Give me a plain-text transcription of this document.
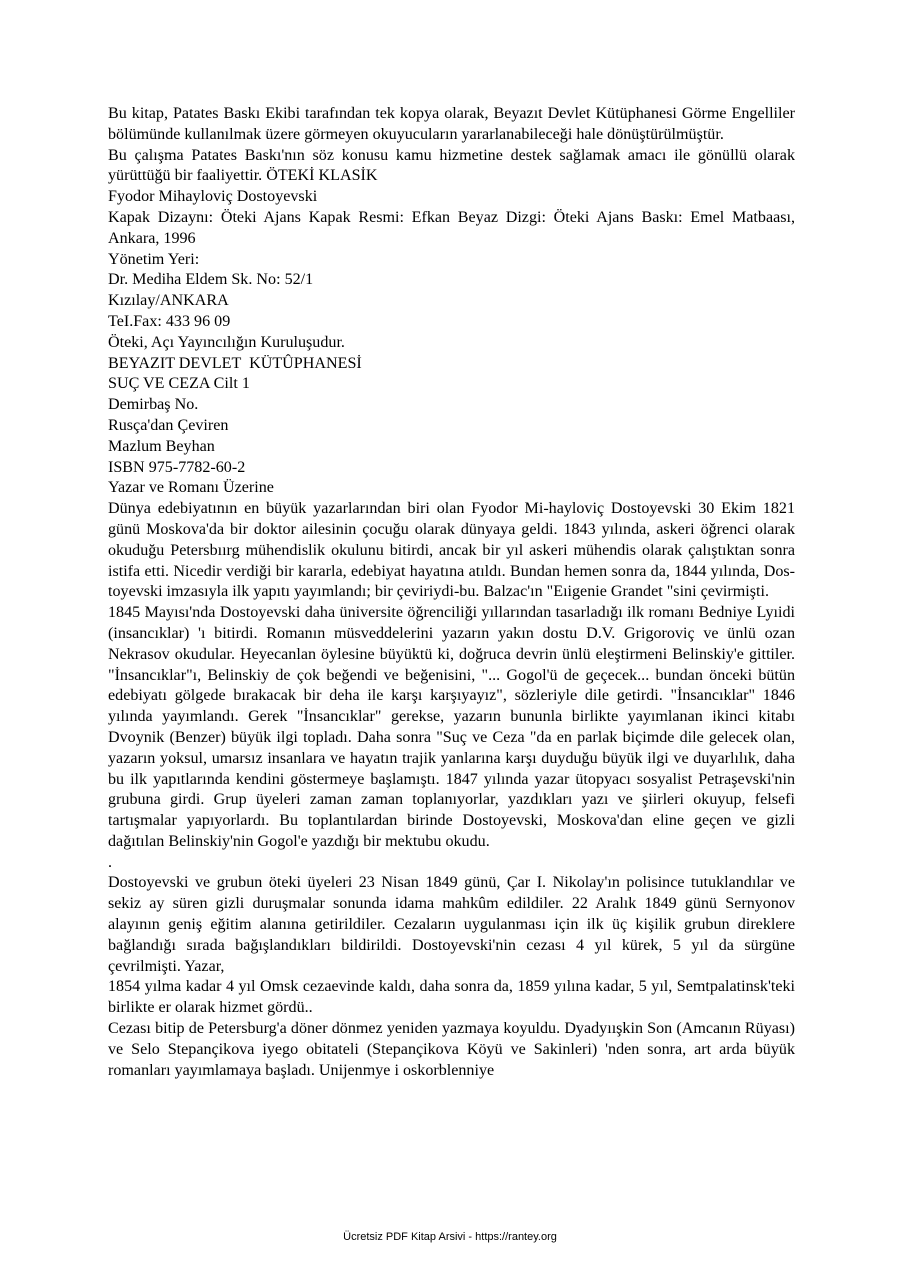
Bu kitap, Patates Baskı Ekibi tarafından tek kopya olarak, Beyazıt Devlet Kütüphanesi Görme Engelliler bölümünde kullanılmak üzere görmeyen okuyucuların yararlanabileceği hale dönüştürülmüştür.

Bu çalışma Patates Baskı'nın söz konusu kamu hizmetine destek sağlamak amacı ile gönüllü olarak yürüttüğü bir faaliyettir. ÖTEKİ KLASİK

Fyodor Mihayloviç Dostoyevski

Kapak Dizaynı: Öteki Ajans Kapak Resmi: Efkan Beyaz Dizgi: Öteki Ajans Baskı: Emel Matbaası, Ankara, 1996

Yönetim Yeri:

Dr. Mediha Eldem Sk. No: 52/1

Kızılay/ANKARA

TeI.Fax: 433 96 09

Öteki, Açı Yayıncılığın Kuruluşudur.

BEYAZIT DEVLET  KÜTÛPHANESİ

SUÇ VE CEZA Cilt 1

Demirbaş No.

Rusça'dan Çeviren

Mazlum Beyhan

ISBN 975-7782-60-2

Yazar ve Romanı Üzerine

Dünya edebiyatının en büyük yazarlarından biri olan Fyodor Mi-hayloviç Dostoyevski 30 Ekim 1821 günü Moskova'da bir doktor ailesinin çocuğu olarak dünyaya geldi. 1843 yılında, askeri öğrenci olarak okuduğu Petersbıırg mühendislik okulunu bitirdi, ancak bir yıl askeri mühendis olarak çalıştıktan sonra istifa etti. Nicedir verdiği bir kararla, edebiyat hayatına atıldı. Bundan hemen sonra da, 1844 yılında, Dos-toyevski imzasıyla ilk yapıtı yayımlandı; bir çeviriydi-bu. Balzac'ın "Eıigenie Grandet "sini çevirmişti.

1845 Mayısı'nda Dostoyevski daha üniversite öğrenciliği yıllarından tasarladığı ilk romanı Bedniye Lyıidi (insancıklar) 'ı bitirdi. Romanın müsveddelerini yazarın yakın dostu D.V. Grigoroviç ve ünlü ozan Nekrasov okudular. Heyecanlan öylesine büyüktü ki, doğruca devrin ünlü eleştirmeni Belinskiy'e gittiler. "İnsancıklar"ı, Belinskiy de çok beğendi ve beğenisini, "... Gogol'ü de geçecek... bundan önceki bütün edebiyatı gölgede bırakacak bir deha ile karşı karşıyayız", sözleriyle dile getirdi. "İnsancıklar" 1846 yılında yayımlandı. Gerek "İnsancıklar" gerekse, yazarın bununla birlikte yayımlanan ikinci kitabı Dvoynik (Benzer) büyük ilgi topladı. Daha sonra "Suç ve Ceza "da en parlak biçimde dile gelecek olan, yazarın yoksul, umarsız insanlara ve hayatın trajik yanlarına karşı duyduğu büyük ilgi ve duyarlılık, daha bu ilk yapıtlarında kendini göstermeye başlamıştı. 1847 yılında yazar ütopyacı sosyalist Petraşevski'nin grubuna girdi. Grup üyeleri zaman zaman toplanıyorlar, yazdıkları yazı ve şiirleri okuyup, felsefi tartışmalar yapıyorlardı. Bu toplantılardan birinde Dostoyevski, Moskova'dan eline geçen ve gizli dağıtılan Belinskiy'nin Gogol'e yazdığı bir mektubu okudu.

.

Dostoyevski ve grubun öteki üyeleri 23 Nisan 1849 günü, Çar I. Nikolay'ın polisince tutuklandılar ve sekiz ay süren gizli duruşmalar sonunda idama mahkûm edildiler. 22 Aralık 1849 günü Sernyonov alayının geniş eğitim alanına getirildiler. Cezaların uygulanması için ilk üç kişilik grubun direklere bağlandığı sırada bağışlandıkları bildirildi. Dostoyevski'nin cezası 4 yıl kürek, 5 yıl da sürgüne çevrilmişti. Yazar,

1854 yılma kadar 4 yıl Omsk cezaevinde kaldı, daha sonra da, 1859 yılına kadar, 5 yıl, Semtpalatinsk'teki birlikte er olarak hizmet gördü..

Cezası bitip de Petersburg'a döner dönmez yeniden yazmaya koyuldu. Dyadyıışkin Son (Amcanın Rüyası) ve Selo Stepançikova iyego obitateli (Stepançikova Köyü ve Sakinleri) 'nden sonra, art arda büyük romanları yayımlamaya başladı. Unijenmye i oskorblenniye

Ücretsiz PDF Kitap Arsivi - https://rantey.org
